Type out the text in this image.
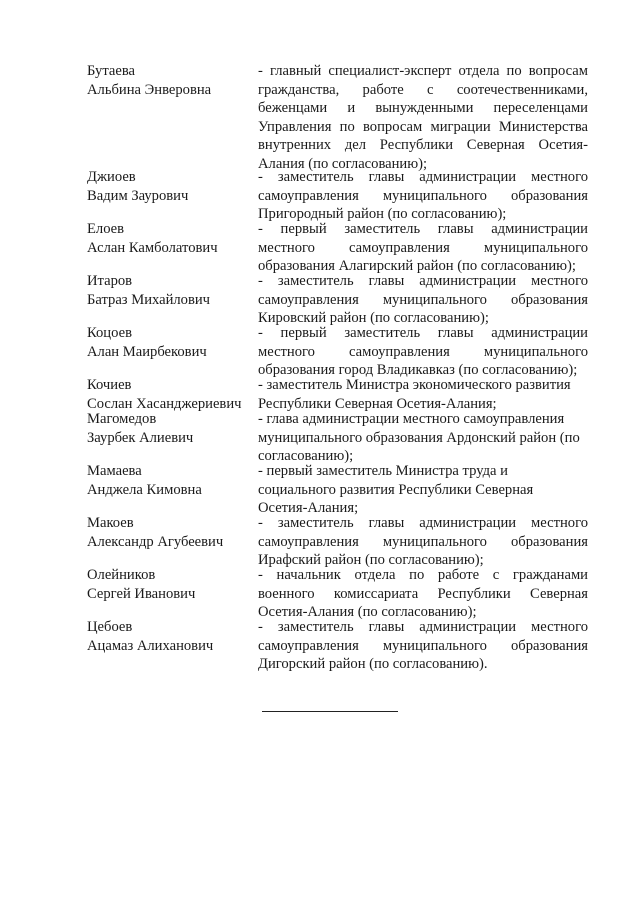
Бутаева
Альбина Энверовна
- главный специалист-эксперт отдела по вопросам
гражданства, работе с соотечественниками,
беженцами и вынужденными переселенцами
Управления по вопросам миграции Министерства
внутренних дел Республики Северная Осетия-
Алания (по согласованию);
Джиоев
Вадим Заурович
- заместитель главы администрации местного
самоуправления муниципального образования
Пригородный район (по согласованию);
Елоев
Аслан Камболатович
- первый заместитель главы администрации
местного самоуправления муниципального
образования Алагирский район (по согласованию);
Итаров
Батраз Михайлович
- заместитель главы администрации местного
самоуправления муниципального образования
Кировский район (по согласованию);
Коцоев
Алан Маирбекович
- первый заместитель главы администрации
местного самоуправления муниципального
образования город Владикавказ (по согласованию);
Кочиев
Сослан Хасанджериевич
- заместитель Министра экономического развития
Республики Северная Осетия-Алания;
Магомедов
Заурбек Алиевич
- глава администрации местного самоуправления
муниципального образования Ардонский район (по
согласованию);
Мамаева
Анджела Кимовна
- первый заместитель Министра труда и
социального развития Республики Северная
Осетия-Алания;
Макоев
Александр Агубеевич
- заместитель главы администрации местного
самоуправления муниципального образования
Ирафский район (по согласованию);
Олейников
Сергей Иванович
- начальник отдела по работе с гражданами
военного комиссариата Республики Северная
Осетия-Алания (по согласованию);
Цебоев
Ацамаз Алиханович
- заместитель главы администрации местного
самоуправления муниципального образования
Дигорский район (по согласованию).
